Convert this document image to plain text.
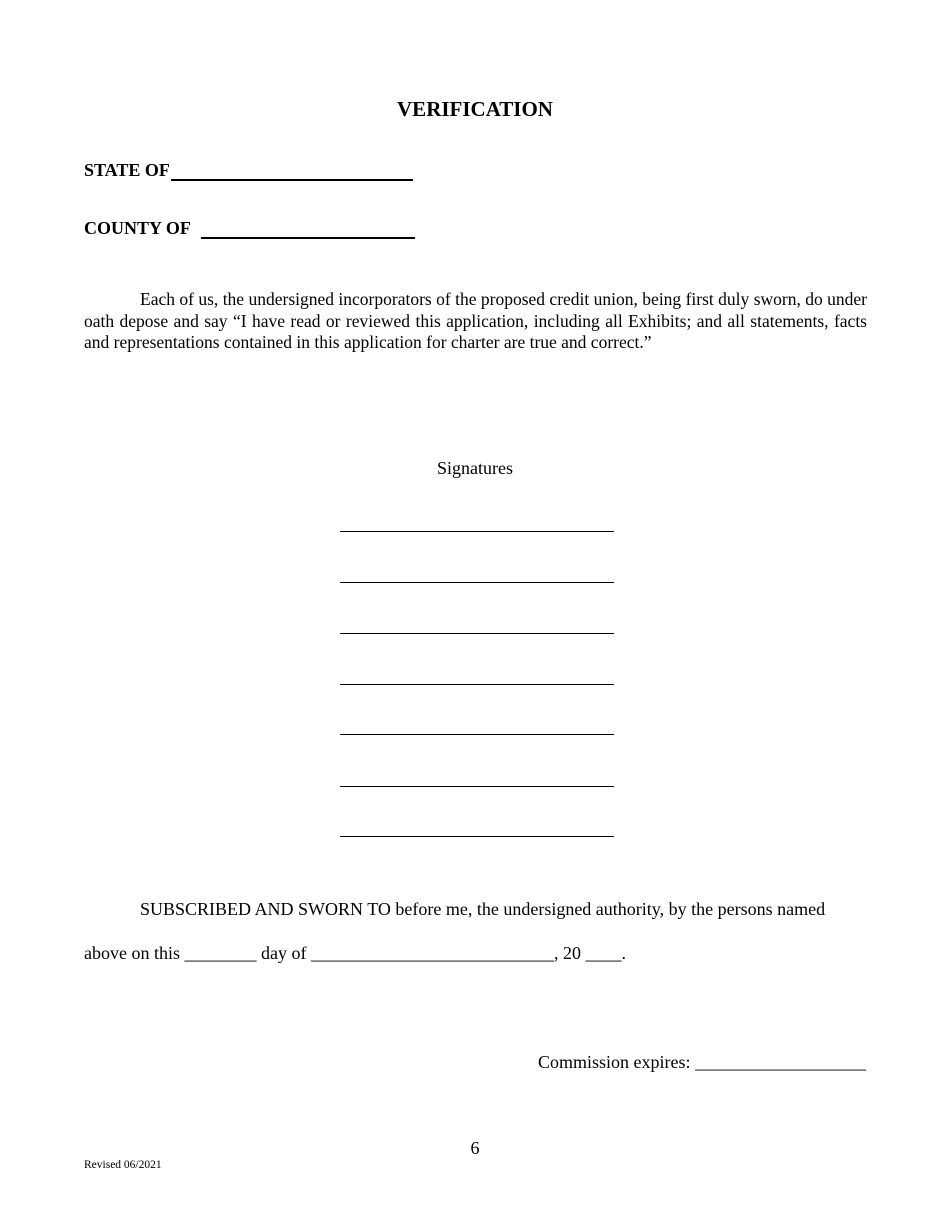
VERIFICATION
STATE OF
COUNTY OF

Each of us, the undersigned incorporators of the proposed credit union, being first duly sworn, do under oath depose and say “I have read or reviewed this application, including all Exhibits; and all statements, facts and representations contained in this application for charter are true and correct.”

Signatures
SUBSCRIBED AND SWORN TO before me, the undersigned authority, by the persons named
above on this ________ day of ___________________________, 20 ____.
Commission expires: ___________________
6
Revised 06/2021
